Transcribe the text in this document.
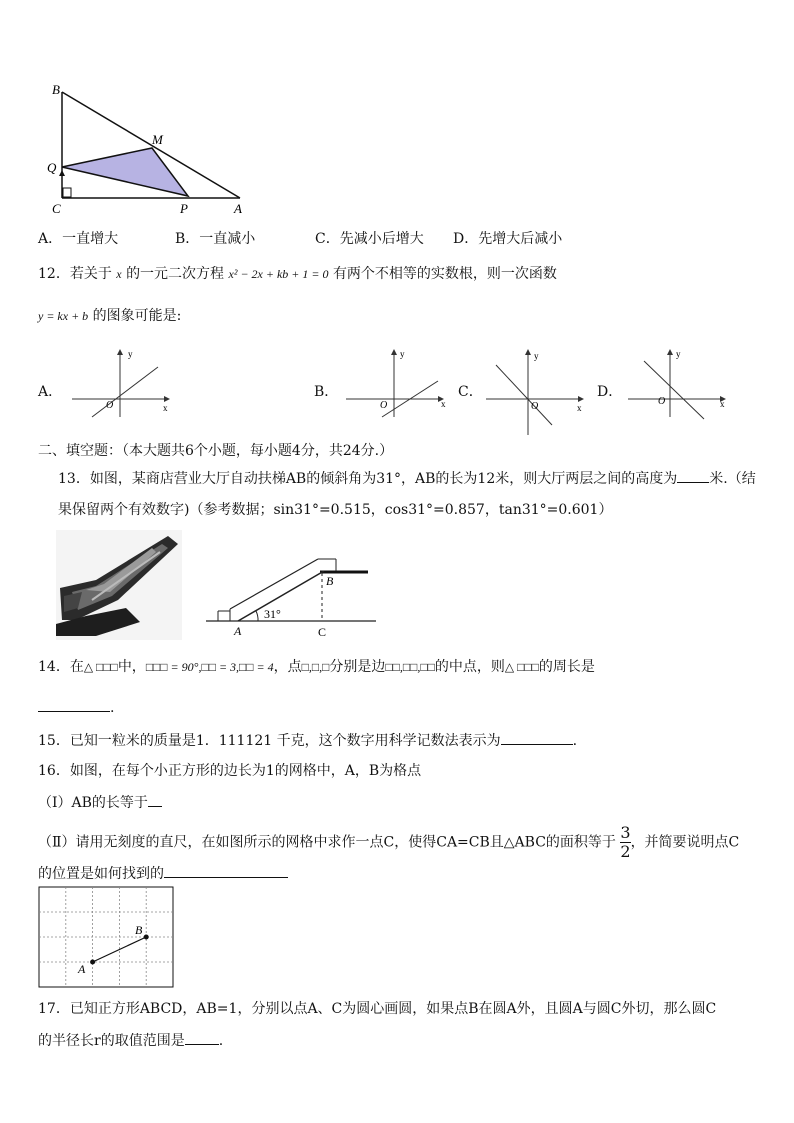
B
M
Q
C	P	A
A．一直增大	B．一直减小	C．先减小后增大 D．先增大后减小
12．若关于 x 的一元二次方程 x² − 2x + kb + 1 = 0 有两个不相等的实数根，则一次函数
y = kx + b 的图象可能是:
A．
y
x
O
B．
y
x
O
C．
y
x
O
D．
y
x
O
二、填空题：（本大题共6个小题，每小题4分，共24分.）
13．如图，某商店营业大厅自动扶梯AB的倾斜角为31°，AB的长为12米，则大厅两层之间的高度为 米.（结
果保留两个有效数字)（参考数据；sin31°=0.515，cos31°=0.857，tan31°=0.601）
B
A	C
31°
14．在△ □□□中，□□□ = 90°,□□ = 3,□□ = 4，点□,□,□分别是边□□,□□,□□的中点，则△ □□□的周长是
.
15．已知一粒米的质量是1．111121 千克，这个数字用科学记数法表示为	.
16．如图，在每个小正方形的边长为1的网格中，A，B为格点
（Ⅰ）AB的长等于
（Ⅱ）请用无刻度的直尺，在如图所示的网格中求作一点C，使得CA=CB且△ABC的面积等于 $\frac{3}{2}$ ，并简要说明点C
的位置是如何找到的
A
B
17．已知正方形ABCD，AB=1，分别以点A、C为圆心画圆，如果点B在圆A外，且圆A与圆C外切，那么圆C
的半径长r的取值范围是 .
